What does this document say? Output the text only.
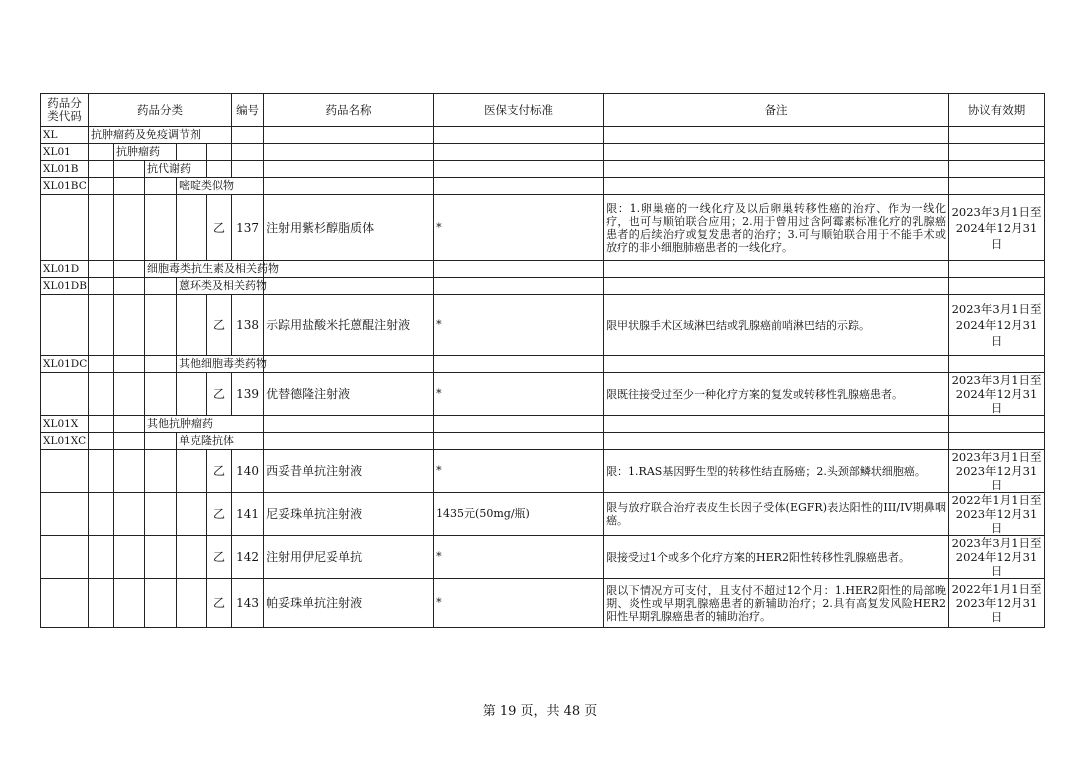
药品分类代码	药品分类					编号	药品名称	医保支付标准	备注	协议有效期
XL	抗肿瘤药及免疫调节剂									
XL01		抗肿瘤药								
XL01B			抗代谢药							
XL01BC				嘧啶类似物						
					乙	137	注射用紫杉醇脂质体	*	限：1.卵巢癌的一线化疗及以后卵巢转移性癌的治疗、作为一线化疗，也可与顺铂联合应用；2.用于曾用过含阿霉素标准化疗的乳腺癌患者的后续治疗或复发患者的治疗；3.可与顺铂联合用于不能手术或放疗的非小细胞肺癌患者的一线化疗。	2023年3月1日至
2024年12月31日
XL01D			细胞毒类抗生素及相关药物							
XL01DB				蒽环类及相关药物						
					乙	138	示踪用盐酸米托蒽醌注射液	*	限甲状腺手术区域淋巴结或乳腺癌前哨淋巴结的示踪。	2023年3月1日至
2024年12月31日
XL01DC				其他细胞毒类药物						
					乙	139	优替德隆注射液	*	限既往接受过至少一种化疗方案的复发或转移性乳腺癌患者。	2023年3月1日至
2024年12月31日
XL01X			其他抗肿瘤药							
XL01XC				单克隆抗体						
					乙	140	西妥昔单抗注射液	*	限：1.RAS基因野生型的转移性结直肠癌；2.头颈部鳞状细胞癌。	2023年3月1日至
2023年12月31日
					乙	141	尼妥珠单抗注射液	1435元(50mg/瓶)	限与放疗联合治疗表皮生长因子受体(EGFR)表达阳性的III/IV期鼻咽癌。	2022年1月1日至
2023年12月31日
					乙	142	注射用伊尼妥单抗	*	限接受过1个或多个化疗方案的HER2阳性转移性乳腺癌患者。	2023年3月1日至
2024年12月31日
					乙	143	帕妥珠单抗注射液	*	限以下情况方可支付，且支付不超过12个月：1.HER2阳性的局部晚期、炎性或早期乳腺癌患者的新辅助治疗；2.具有高复发风险HER2阳性早期乳腺癌患者的辅助治疗。	2022年1月1日至
2023年12月31日
第 19 页，共 48 页
